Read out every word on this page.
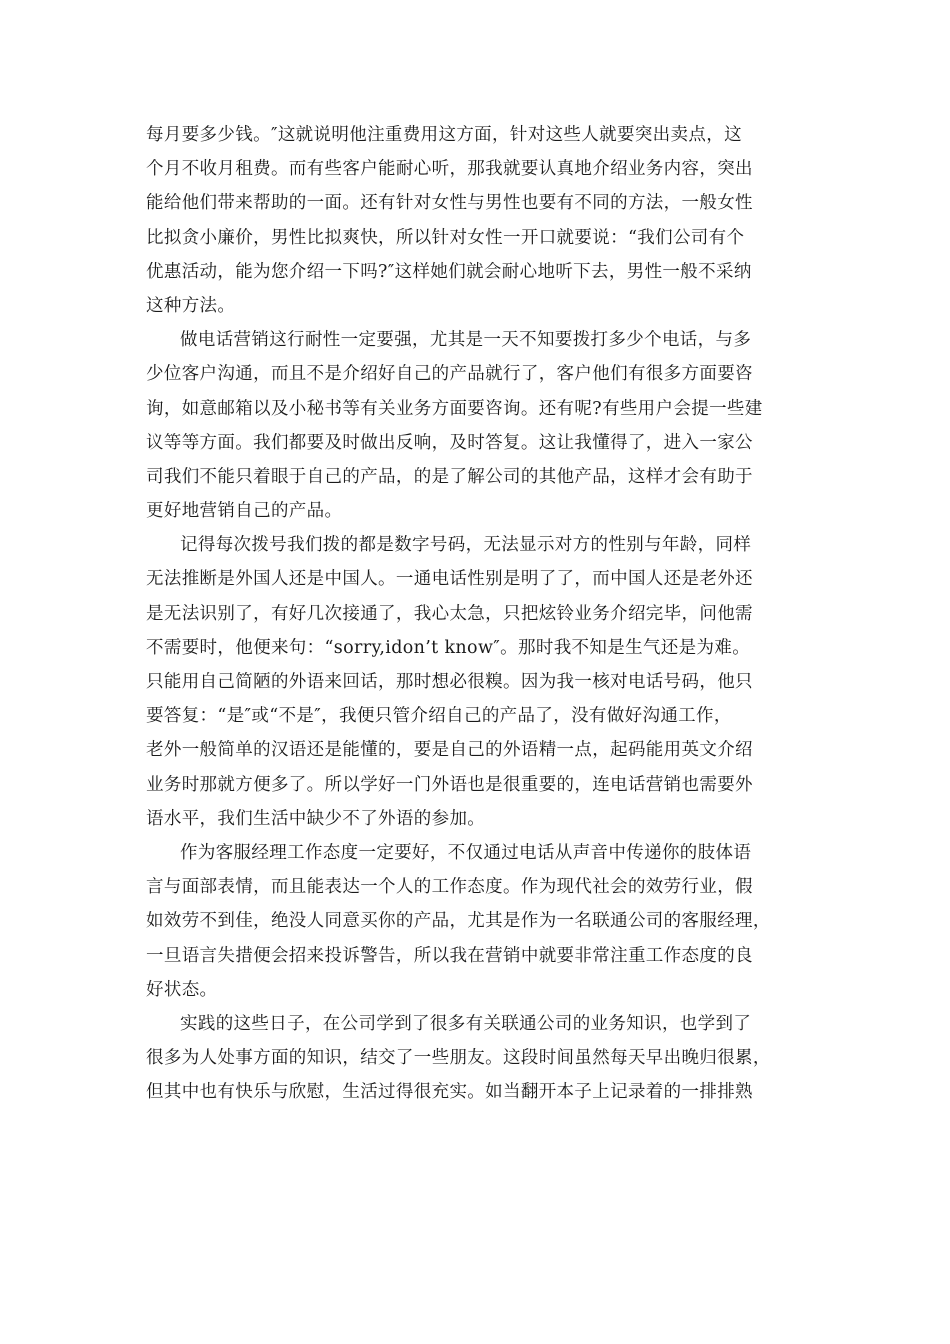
每月要多少钱。″这就说明他注重费用这方面，针对这些人就要突出卖点，这
个月不收月租费。而有些客户能耐心听，那我就要认真地介绍业务内容，突出
能给他们带来帮助的一面。还有针对女性与男性也要有不同的方法，一般女性
比拟贪小廉价，男性比拟爽快，所以针对女性一开口就要说：“我们公司有个
优惠活动，能为您介绍一下吗?″这样她们就会耐心地听下去，男性一般不采纳
这种方法。
做电话营销这行耐性一定要强，尤其是一天不知要拨打多少个电话，与多
少位客户沟通，而且不是介绍好自己的产品就行了，客户他们有很多方面要咨
询，如意邮箱以及小秘书等有关业务方面要咨询。还有呢?有些用户会提一些建
议等等方面。我们都要及时做出反响，及时答复。这让我懂得了，进入一家公
司我们不能只着眼于自己的产品，的是了解公司的其他产品，这样才会有助于
更好地营销自己的产品。
记得每次拨号我们拨的都是数字号码，无法显示对方的性别与年龄，同样
无法推断是外国人还是中国人。一通电话性别是明了了，而中国人还是老外还
是无法识别了，有好几次接通了，我心太急，只把炫铃业务介绍完毕，问他需
不需要时，他便来句：“sorry,idon’t know″。那时我不知是生气还是为难。
只能用自己简陋的外语来回话，那时想必很糗。因为我一核对电话号码，他只
要答复：“是″或“不是″，我便只管介绍自己的产品了，没有做好沟通工作，
老外一般简单的汉语还是能懂的，要是自己的外语精一点，起码能用英文介绍
业务时那就方便多了。所以学好一门外语也是很重要的，连电话营销也需要外
语水平，我们生活中缺少不了外语的参加。
作为客服经理工作态度一定要好，不仅通过电话从声音中传递你的肢体语
言与面部表情，而且能表达一个人的工作态度。作为现代社会的效劳行业，假
如效劳不到佳，绝没人同意买你的产品，尤其是作为一名联通公司的客服经理，
一旦语言失措便会招来投诉警告，所以我在营销中就要非常注重工作态度的良
好状态。
实践的这些日子，在公司学到了很多有关联通公司的业务知识，也学到了
很多为人处事方面的知识，结交了一些朋友。这段时间虽然每天早出晚归很累，
但其中也有快乐与欣慰，生活过得很充实。如当翻开本子上记录着的一排排熟
